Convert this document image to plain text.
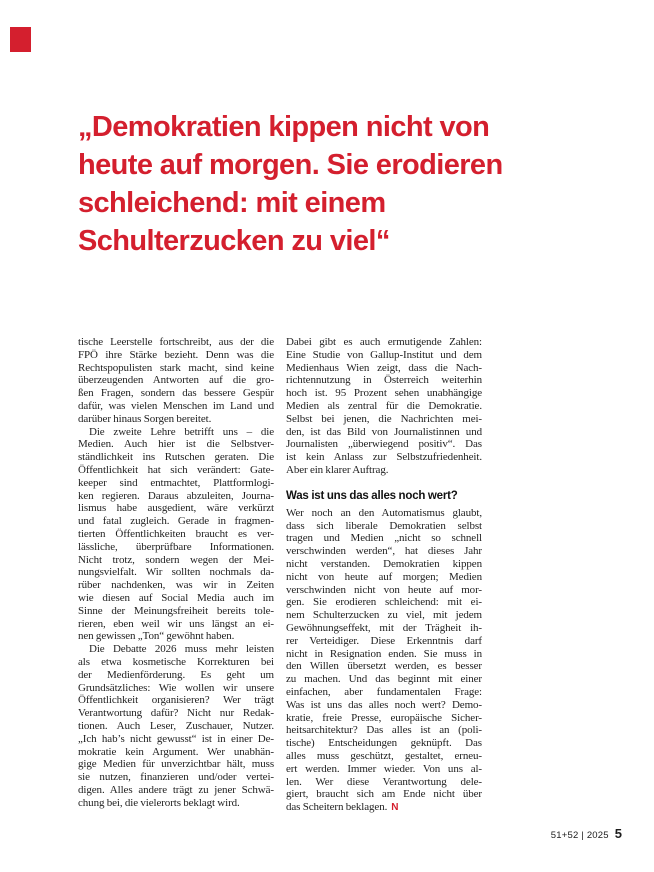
„Demokratien kippen nicht von
heute auf morgen. Sie erodieren
schleichend: mit einem
Schulterzucken zu viel“
tische Leerstelle fortschreibt, aus der die
FPÖ ihre Stärke bezieht. Denn was die
Rechtspopulisten stark macht, sind keine
überzeugenden Antworten auf die gro-
ßen Fragen, sondern das bessere Gespür
dafür, was vielen Menschen im Land und
darüber hinaus Sorgen bereitet.
Die zweite Lehre betrifft uns – die
Medien. Auch hier ist die Selbstver-
ständlichkeit ins Rutschen geraten. Die
Öffentlichkeit hat sich verändert: Gate-
keeper sind entmachtet, Plattformlogi-
ken regieren. Daraus abzuleiten, Journa-
lismus habe ausgedient, wäre verkürzt
und fatal zugleich. Gerade in fragmen-
tierten Öffentlichkeiten braucht es ver-
lässliche, überprüfbare Informationen.
Nicht trotz, sondern wegen der Mei-
nungsvielfalt. Wir sollten nochmals da-
rüber nachdenken, was wir in Zeiten
wie diesen auf Social Media auch im
Sinne der Meinungsfreiheit bereits tole-
rieren, eben weil wir uns längst an ei-
nen gewissen „Ton“ gewöhnt haben.
Die Debatte 2026 muss mehr leisten
als etwa kosmetische Korrekturen bei
der Medienförderung. Es geht um
Grundsätzliches: Wie wollen wir unsere
Öffentlichkeit organisieren? Wer trägt
Verantwortung dafür? Nicht nur Redak-
tionen. Auch Leser, Zuschauer, Nutzer.
„Ich hab’s nicht gewusst“ ist in einer De-
mokratie kein Argument. Wer unabhän-
gige Medien für unverzichtbar hält, muss
sie nutzen, finanzieren und/oder vertei-
digen. Alles andere trägt zu jener Schwä-
chung bei, die vielerorts beklagt wird.
Dabei gibt es auch ermutigende Zahlen:
Eine Studie von Gallup-Institut und dem
Medienhaus Wien zeigt, dass die Nach-
richtennutzung in Österreich weiterhin
hoch ist. 95 Prozent sehen unabhängige
Medien als zentral für die Demokratie.
Selbst bei jenen, die Nachrichten mei-
den, ist das Bild von Journalistinnen und
Journalisten „überwiegend positiv“. Das
ist kein Anlass zur Selbstzufriedenheit.
Aber ein klarer Auftrag.
Was ist uns das alles noch wert?
Wer noch an den Automatismus glaubt,
dass sich liberale Demokratien selbst
tragen und Medien „nicht so schnell
verschwinden werden“, hat dieses Jahr
nicht verstanden. Demokratien kippen
nicht von heute auf morgen; Medien
verschwinden nicht von heute auf mor-
gen. Sie erodieren schleichend: mit ei-
nem Schulterzucken zu viel, mit jedem
Gewöhnungseffekt, mit der Trägheit ih-
rer Verteidiger. Diese Erkenntnis darf
nicht in Resignation enden. Sie muss in
den Willen übersetzt werden, es besser
zu machen. Und das beginnt mit einer
einfachen, aber fundamentalen Frage:
Was ist uns das alles noch wert? Demo-
kratie, freie Presse, europäische Sicher-
heitsarchitektur? Das alles ist an (poli-
tische) Entscheidungen geknüpft. Das
alles muss geschützt, gestaltet, erneu-
ert werden. Immer wieder. Von uns al-
len. Wer diese Verantwortung dele-
giert, braucht sich am Ende nicht über
das Scheitern beklagen. N
51+52 | 2025 5
